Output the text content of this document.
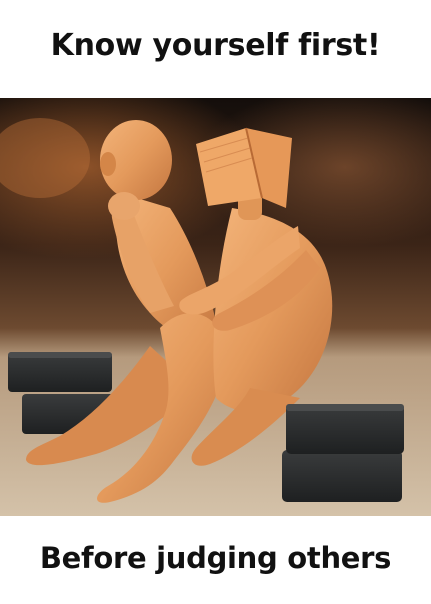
Know yourself first!
Before judging others
